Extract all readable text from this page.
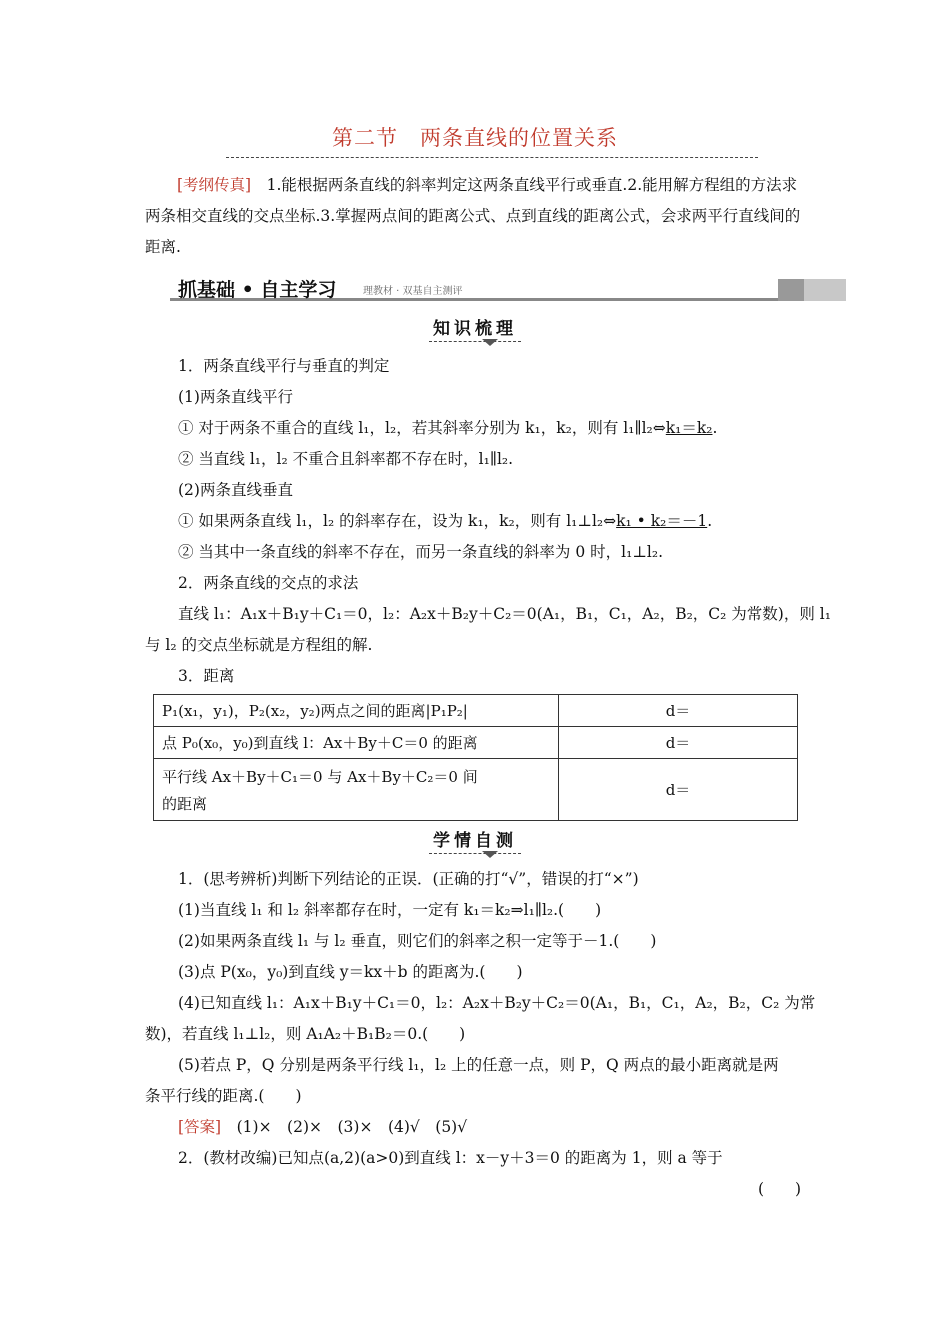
第二节　两条直线的位置关系
[考纲传真]　1.能根据两条直线的斜率判定这两条直线平行或垂直.2.能用解方程组的方法求两条相交直线的交点坐标.3.掌握两点间的距离公式、点到直线的距离公式，会求两平行直线间的距离.
抓基础 • 自主学习	理教材 · 双基自主测评
知识梳理
1．两条直线平行与垂直的判定
(1)两条直线平行
① 对于两条不重合的直线 l₁，l₂，若其斜率分别为 k₁，k₂，则有 l₁∥l₂⇔k₁＝k₂.
② 当直线 l₁，l₂ 不重合且斜率都不存在时，l₁∥l₂.
(2)两条直线垂直
① 如果两条直线 l₁，l₂ 的斜率存在，设为 k₁，k₂，则有 l₁⊥l₂⇔k₁ • k₂＝－1.
② 当其中一条直线的斜率不存在，而另一条直线的斜率为 0 时，l₁⊥l₂.
2．两条直线的交点的求法
直线 l₁：A₁x＋B₁y＋C₁＝0，l₂：A₂x＋B₂y＋C₂＝0(A₁，B₁，C₁，A₂，B₂，C₂ 为常数)，则 l₁
与 l₂ 的交点坐标就是方程组的解.
3．距离
P₁(x₁，y₁)，P₂(x₂，y₂)两点之间的距离|P₁P₂|	d＝
点 P₀(x₀，y₀)到直线 l：Ax＋By＋C＝0 的距离	d＝

平行线 Ax＋By＋C₁＝0 与 Ax＋By＋C₂＝0 间
的距离	d＝
学情自测
1．(思考辨析)判断下列结论的正误．(正确的打“√”，错误的打“×”)
(1)当直线 l₁ 和 l₂ 斜率都存在时，一定有 k₁＝k₂⇒l₁∥l₂.(　　)
(2)如果两条直线 l₁ 与 l₂ 垂直，则它们的斜率之积一定等于－1.(　　)
(3)点 P(x₀，y₀)到直线 y＝kx＋b 的距离为.(　　)
(4)已知直线 l₁：A₁x＋B₁y＋C₁＝0，l₂：A₂x＋B₂y＋C₂＝0(A₁，B₁，C₁，A₂，B₂，C₂ 为常
数)，若直线 l₁⊥l₂，则 A₁A₂＋B₁B₂＝0.(　　)
(5)若点 P，Q 分别是两条平行线 l₁，l₂ 上的任意一点，则 P，Q 两点的最小距离就是两
条平行线的距离.(　　)
[答案]　(1)×　(2)×　(3)×　(4)√　(5)√
2．(教材改编)已知点(a,2)(a>0)到直线 l：x－y＋3＝0 的距离为 1，则 a 等于
(　　)
